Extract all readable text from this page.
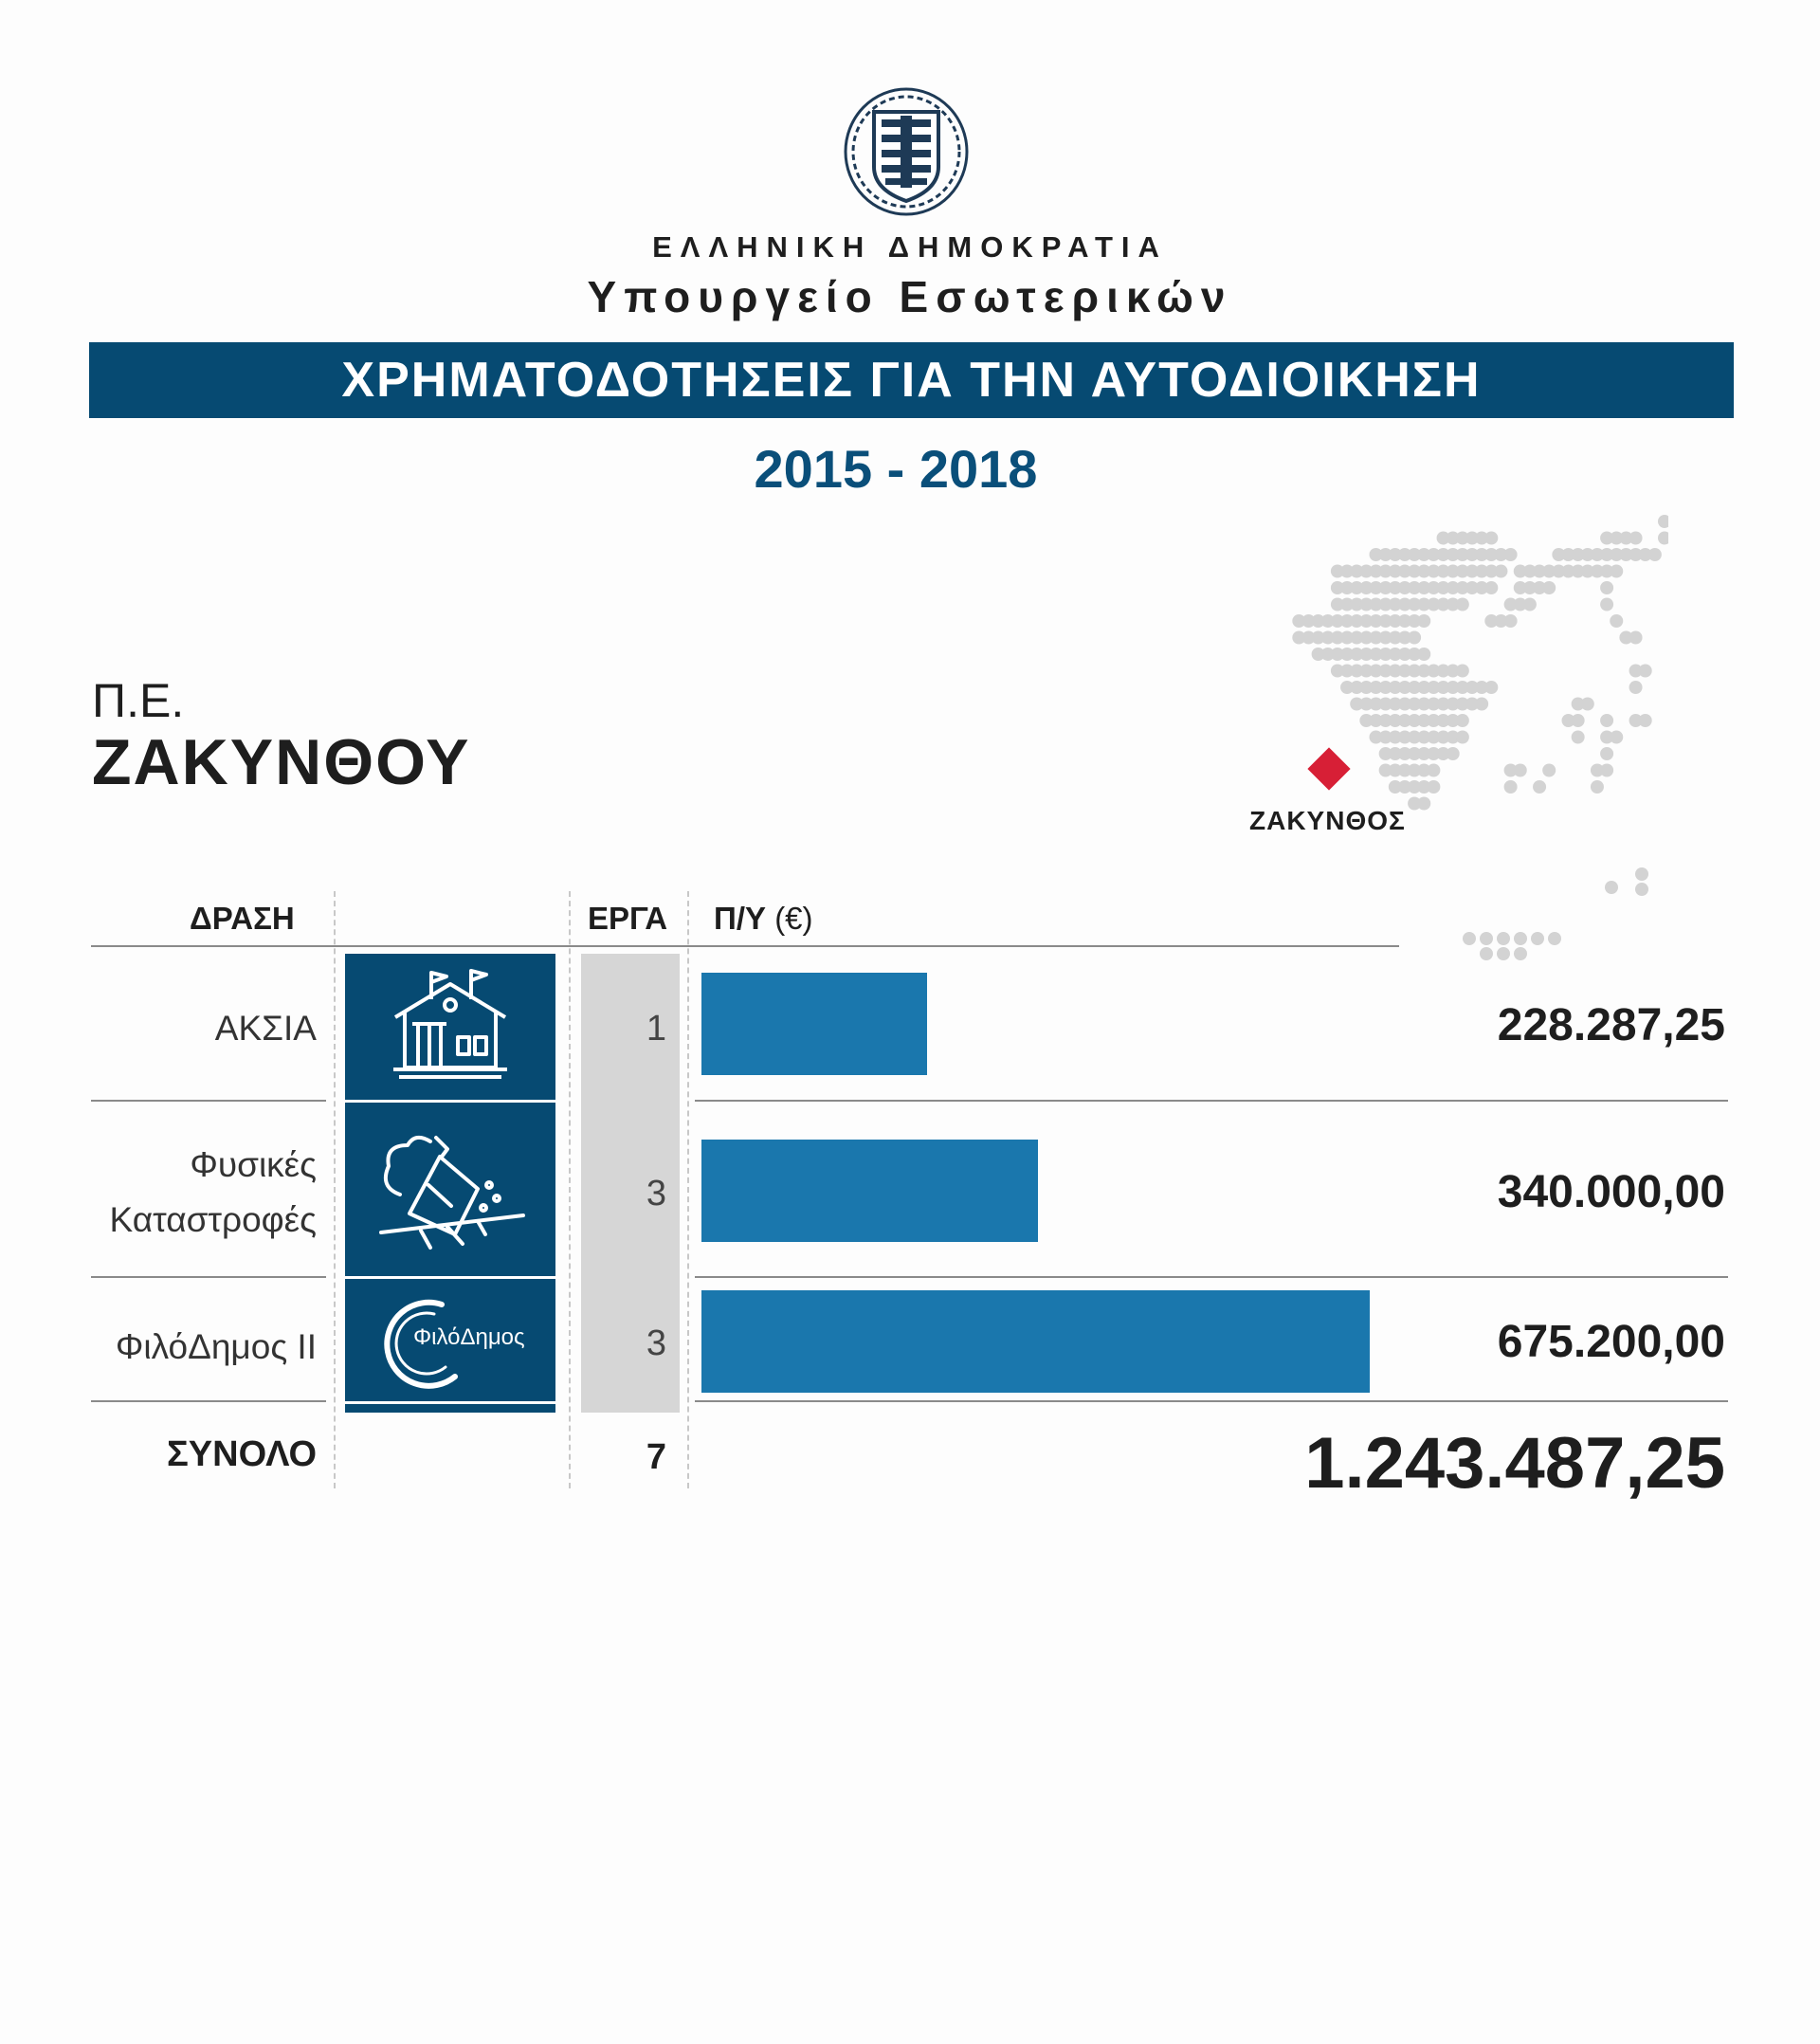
ΕΛΛΗΝΙΚΗ ΔΗΜΟΚΡΑΤΙΑ
Υπουργείο Εσωτερικών
ΧΡΗΜΑΤΟΔΟΤΗΣΕΙΣ ΓΙΑ ΤΗΝ ΑΥΤΟΔΙΟΙΚΗΣΗ
2015 - 2018
Π.Ε.
ΖΑΚΥΝΘΟΥ
ΖΑΚΥΝΘΟΣ
ΔΡΑΣΗ	ΕΡΓΑ Π/Υ (€)
ΑΚΣΙΑ	1	228.287,25
Φυσικές
Καταστροφές
3	340.000,00
ΦιλόΔημος II	ΦιλόΔημος	3	675.200,00
ΣΥΝΟΛΟ	7	1.243.487,25
